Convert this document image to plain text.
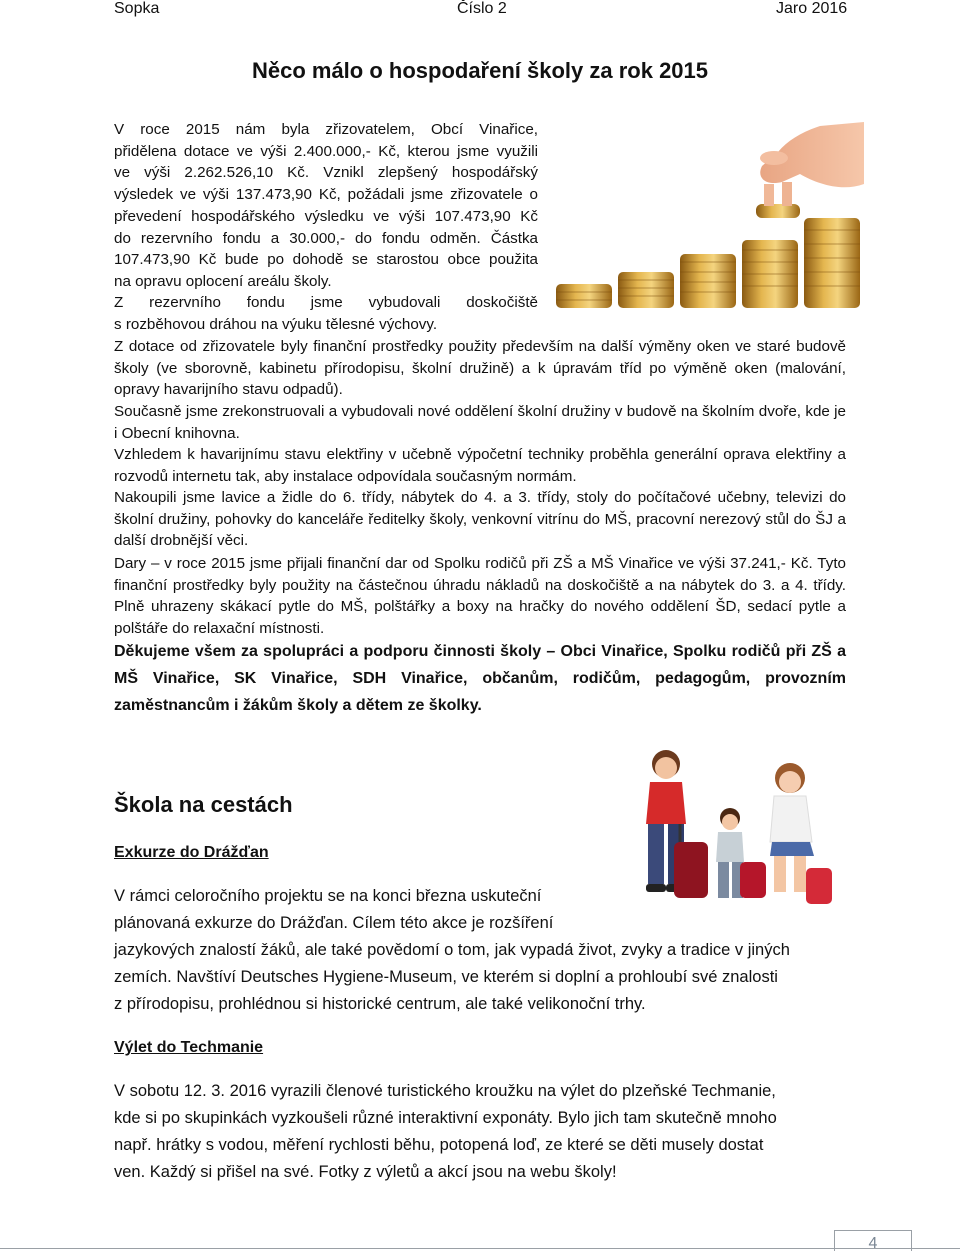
Sopka	Číslo 2	Jaro 2016
Něco málo o hospodaření školy za rok 2015

V roce 2015 nám byla zřizovatelem, Obcí Vinařice,

přidělena dotace ve výši 2.400.000,- Kč, kterou jsme využili

ve výši 2.262.526,10 Kč. Vznikl zlepšený hospodářský

výsledek ve výši 137.473,90 Kč, požádali jsme zřizovatele o

převedení hospodářského výsledku ve výši 107.473,90 Kč

do rezervního fondu a 30.000,- do fondu odměn. Částka

107.473,90 Kč bude po dohodě se starostou obce použita

na opravu oplocení areálu školy.

Z rezervního fondu jsme vybudovali doskočiště

s rozběhovou dráhou na výuku tělesné výchovy.

Z dotace od zřizovatele byly finanční prostředky použity především na další výměny oken ve staré budově školy (ve sborovně, kabinetu přírodopisu, školní družině) a k úpravám tříd po výměně oken (malování, opravy havarijního stavu odpadů).

Současně jsme zrekonstruovali a vybudovali nové oddělení školní družiny v budově na školním dvoře, kde je i Obecní knihovna.

Vzhledem k havarijnímu stavu elektřiny v učebně výpočetní techniky proběhla generální oprava elektřiny a rozvodů internetu tak, aby instalace odpovídala současným normám.

Nakoupili jsme lavice a židle do 6. třídy, nábytek do 4. a 3. třídy, stoly do počítačové učebny, televizi do školní družiny, pohovky do kanceláře ředitelky školy, venkovní vitrínu do MŠ, pracovní nerezový stůl do ŠJ a další drobnější věci.

Dary – v roce 2015 jsme přijali finanční dar od Spolku rodičů při ZŠ a MŠ Vinařice ve výši 37.241,- Kč. Tyto finanční prostředky byly použity na částečnou úhradu nákladů na doskočiště a na nábytek do 3. a 4. třídy. Plně uhrazeny skákací pytle do MŠ, polštářky a boxy na hračky do nového oddělení ŠD, sedací pytle a polštáře do relaxační místnosti.

Děkujeme všem za spolupráci a podporu činnosti školy – Obci Vinařice, Spolku rodičů při ZŠ a MŠ Vinařice, SK Vinařice, SDH Vinařice, občanům, rodičům, pedagogům, provozním zaměstnancům i žákům školy a dětem ze školky.

Škola na cestách

Exkurze do Drážďan

V rámci celoročního projektu se na konci března uskuteční

plánovaná exkurze do Drážďan. Cílem této akce je rozšíření

jazykových znalostí žáků, ale také povědomí o tom, jak vypadá život, zvyky a tradice v jiných

zemích. Navštíví Deutsches Hygiene-Museum, ve kterém si doplní a prohloubí své znalosti

z přírodopisu, prohlédnou si historické centrum, ale také velikonoční trhy.

Výlet do Techmanie

V sobotu 12. 3. 2016 vyrazili členové turistického kroužku na výlet do plzeňské Techmanie,

kde si po skupinkách vyzkoušeli různé interaktivní exponáty. Bylo jich tam skutečně mnoho

např. hrátky s vodou, měření rychlosti běhu, potopená loď, ze které se děti musely dostat

ven. Každý si přišel na své. Fotky z výletů a akcí jsou na webu školy!

4
